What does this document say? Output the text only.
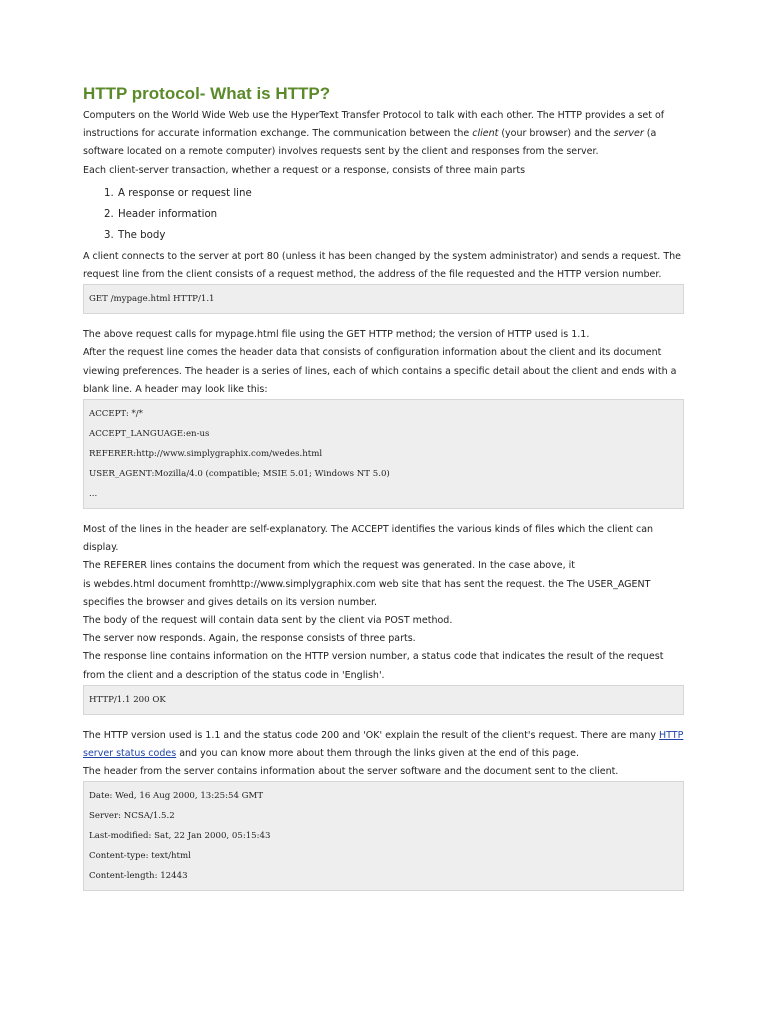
HTTP protocol- What is HTTP?

Computers on the World Wide Web use the HyperText Transfer Protocol to talk with each other. The HTTP provides a set of instructions for accurate information exchange. The communication between the client (your browser) and the server (a software located on a remote computer) involves requests sent by the client and responses from the server.

Each client-server transaction, whether a request or a response, consists of three main parts

1. A response or request line
2. Header information
3. The body

A client connects to the server at port 80 (unless it has been changed by the system administrator) and sends a request. The request line from the client consists of a request method, the address of the file requested and the HTTP version number.

GET /mypage.html HTTP/1.1

The above request calls for mypage.html file using the GET HTTP method; the version of HTTP used is 1.1.

After the request line comes the header data that consists of configuration information about the client and its document viewing preferences. The header is a series of lines, each of which contains a specific detail about the client and ends with a blank line. A header may look like this:

ACCEPT: */*
ACCEPT_LANGUAGE:en-us
REFERER:http://www.simplygraphix.com/wedes.html
USER_AGENT:Mozilla/4.0 (compatible; MSIE 5.01; Windows NT 5.0)
...

Most of the lines in the header are self-explanatory. The ACCEPT identifies the various kinds of files which the client can display.

The REFERER lines contains the document from which the request was generated. In the case above, it

is webdes.html document fromhttp://www.simplygraphix.com web site that has sent the request. the The USER_AGENT specifies the browser and gives details on its version number.

The body of the request will contain data sent by the client via POST method.

The server now responds. Again, the response consists of three parts.

The response line contains information on the HTTP version number, a status code that indicates the result of the request from the client and a description of the status code in 'English'.

HTTP/1.1 200 OK

The HTTP version used is 1.1 and the status code 200 and 'OK' explain the result of the client's request. There are many HTTP server status codes and you can know more about them through the links given at the end of this page.

The header from the server contains information about the server software and the document sent to the client.

Date: Wed, 16 Aug 2000, 13:25:54 GMT
Server: NCSA/1.5.2
Last-modified: Sat, 22 Jan 2000, 05:15:43
Content-type: text/html
Content-length: 12443
